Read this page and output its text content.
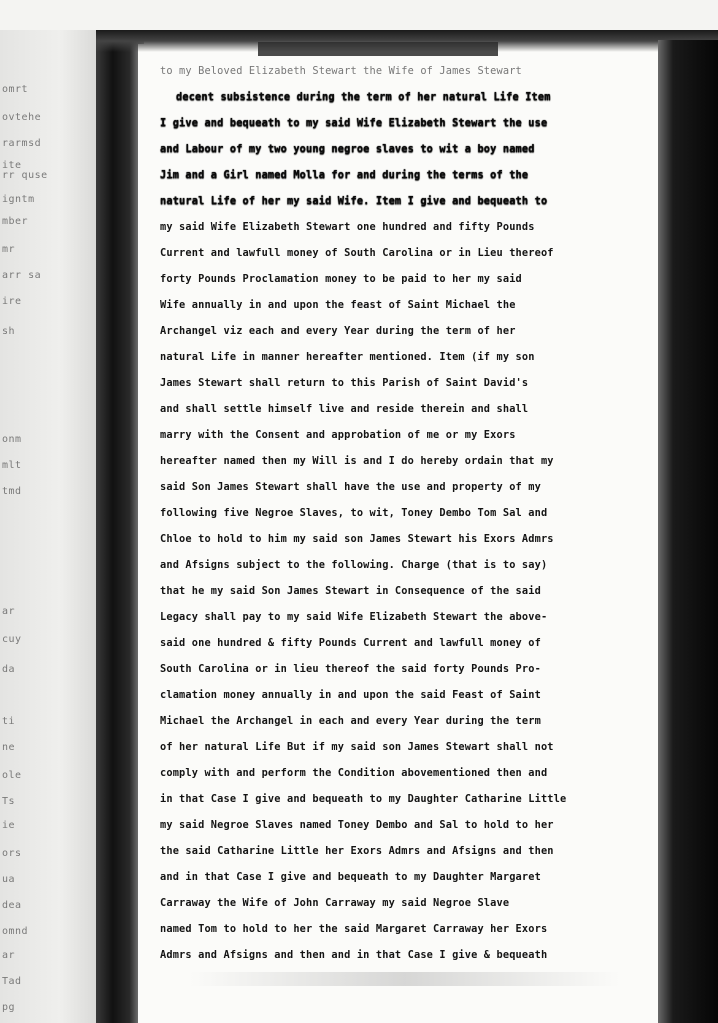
omrt
ovtehe
rarmsd
ite
rr quse
igntm
mber
mr
arr sa
ire
sh
onm
mlt
tmd
ar
cuy
da
ti
ne
ole
Ts
ie
ors
ua
dea
omnd
ar
Tad
pg
to my Beloved Elizabeth Stewart the Wife of James Stewart
decent subsistence during the term of her natural Life Item
I give and bequeath to my said Wife Elizabeth Stewart the use
and Labour of my two young negroe slaves to wit a boy named
Jim and a Girl named Molla for and during the terms of the
natural Life of her my said Wife. Item I give and bequeath to
my said Wife Elizabeth Stewart one hundred and fifty Pounds
Current and lawfull money of South Carolina or in Lieu thereof
forty Pounds Proclamation money to be paid to her my said
Wife annually in and upon the feast of Saint Michael the
Archangel viz each and every Year during the term of her
natural Life in manner hereafter mentioned. Item (if my son
James Stewart shall return to this Parish of Saint David's
and shall settle himself live and reside therein and shall
marry with the Consent and approbation of me or my Exors
hereafter named then my Will is and I do hereby ordain that my
said Son James Stewart shall have the use and property of my
following five Negroe Slaves, to wit, Toney Dembo Tom Sal and
Chloe to hold to him my said son James Stewart his Exors Admrs
and Afsigns subject to the following. Charge (that is to say)
that he my said Son James Stewart in Consequence of the said
Legacy shall pay to my said Wife Elizabeth Stewart the above-
said one hundred & fifty Pounds Current and lawfull money of
South Carolina or in lieu thereof the said forty Pounds Pro-
clamation money annually in and upon the said Feast of Saint
Michael the Archangel in each and every Year during the term
of her natural Life But if my said son James Stewart shall not
comply with and perform the Condition abovementioned then and
in that Case I give and bequeath to my Daughter Catharine Little
my said Negroe Slaves named Toney Dembo and Sal to hold to her
the said Catharine Little her Exors Admrs and Afsigns and then
and in that Case I give and bequeath to my Daughter Margaret
Carraway the Wife of John Carraway my said Negroe Slave
named Tom to hold to her the said Margaret Carraway her Exors
Admrs and Afsigns and then and in that Case I give & bequeath
